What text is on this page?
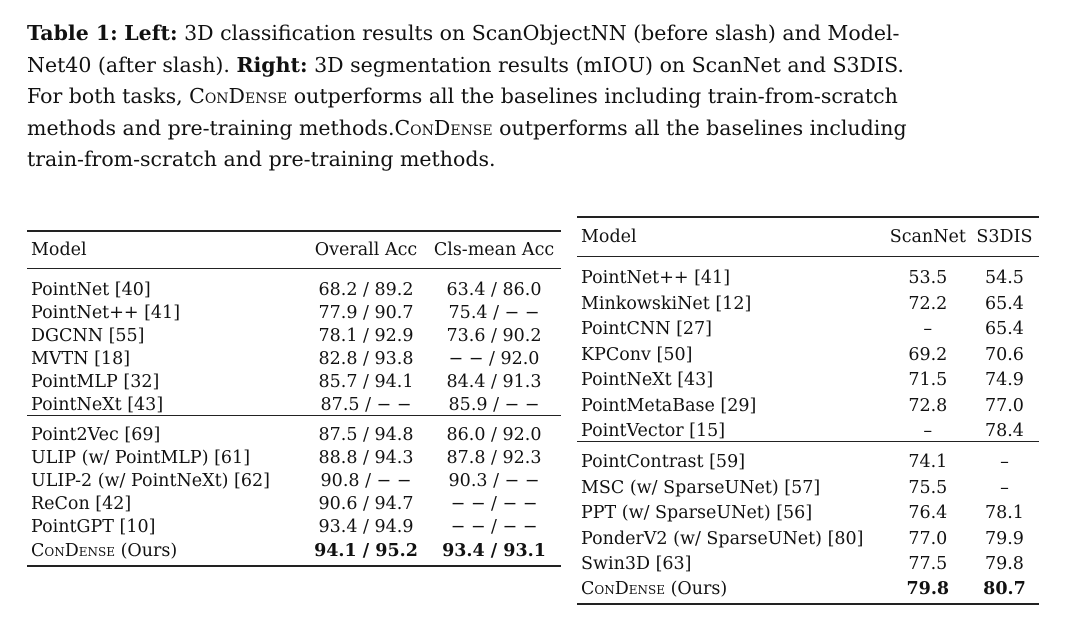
Table 1: Left: 3D classification results on ScanObjectNN (before slash) and Model-
Net40 (after slash). Right: 3D segmentation results (mIOU) on ScanNet and S3DIS.
For both tasks, ConDense outperforms all the baselines including train-from-scratch
methods and pre-training methods.ConDense outperforms all the baselines including
train-from-scratch and pre-training methods.
Model	Overall Acc	Cls-mean Acc
PointNet [40]	68.2 / 89.2	63.4 / 86.0
PointNet++ [41]	77.9 / 90.7	75.4 / − −
DGCNN [55]	78.1 / 92.9	73.6 / 90.2
MVTN [18]	82.8 / 93.8	− − / 92.0
PointMLP [32]	85.7 / 94.1	84.4 / 91.3
PointNeXt [43]	87.5 / − −	85.9 / − −
Point2Vec [69]	87.5 / 94.8	86.0 / 92.0
ULIP (w/ PointMLP) [61]	88.8 / 94.3	87.8 / 92.3
ULIP-2 (w/ PointNeXt) [62]	90.8 / − −	90.3 / − −
ReCon [42]	90.6 / 94.7	− − / − −
PointGPT [10]	93.4 / 94.9	− − / − −
ConDense (Ours)	94.1 / 95.2	93.4 / 93.1
Model	ScanNet	S3DIS
PointNet++ [41]	53.5	54.5
MinkowskiNet [12]	72.2	65.4
PointCNN [27]	–	65.4
KPConv [50]	69.2	70.6
PointNeXt [43]	71.5	74.9
PointMetaBase [29]	72.8	77.0
PointVector [15]	–	78.4
PointContrast [59]	74.1	–
MSC (w/ SparseUNet) [57]	75.5	–
PPT (w/ SparseUNet) [56]	76.4	78.1
PonderV2 (w/ SparseUNet) [80]	77.0	79.9
Swin3D [63]	77.5	79.8
ConDense (Ours)	79.8	80.7
